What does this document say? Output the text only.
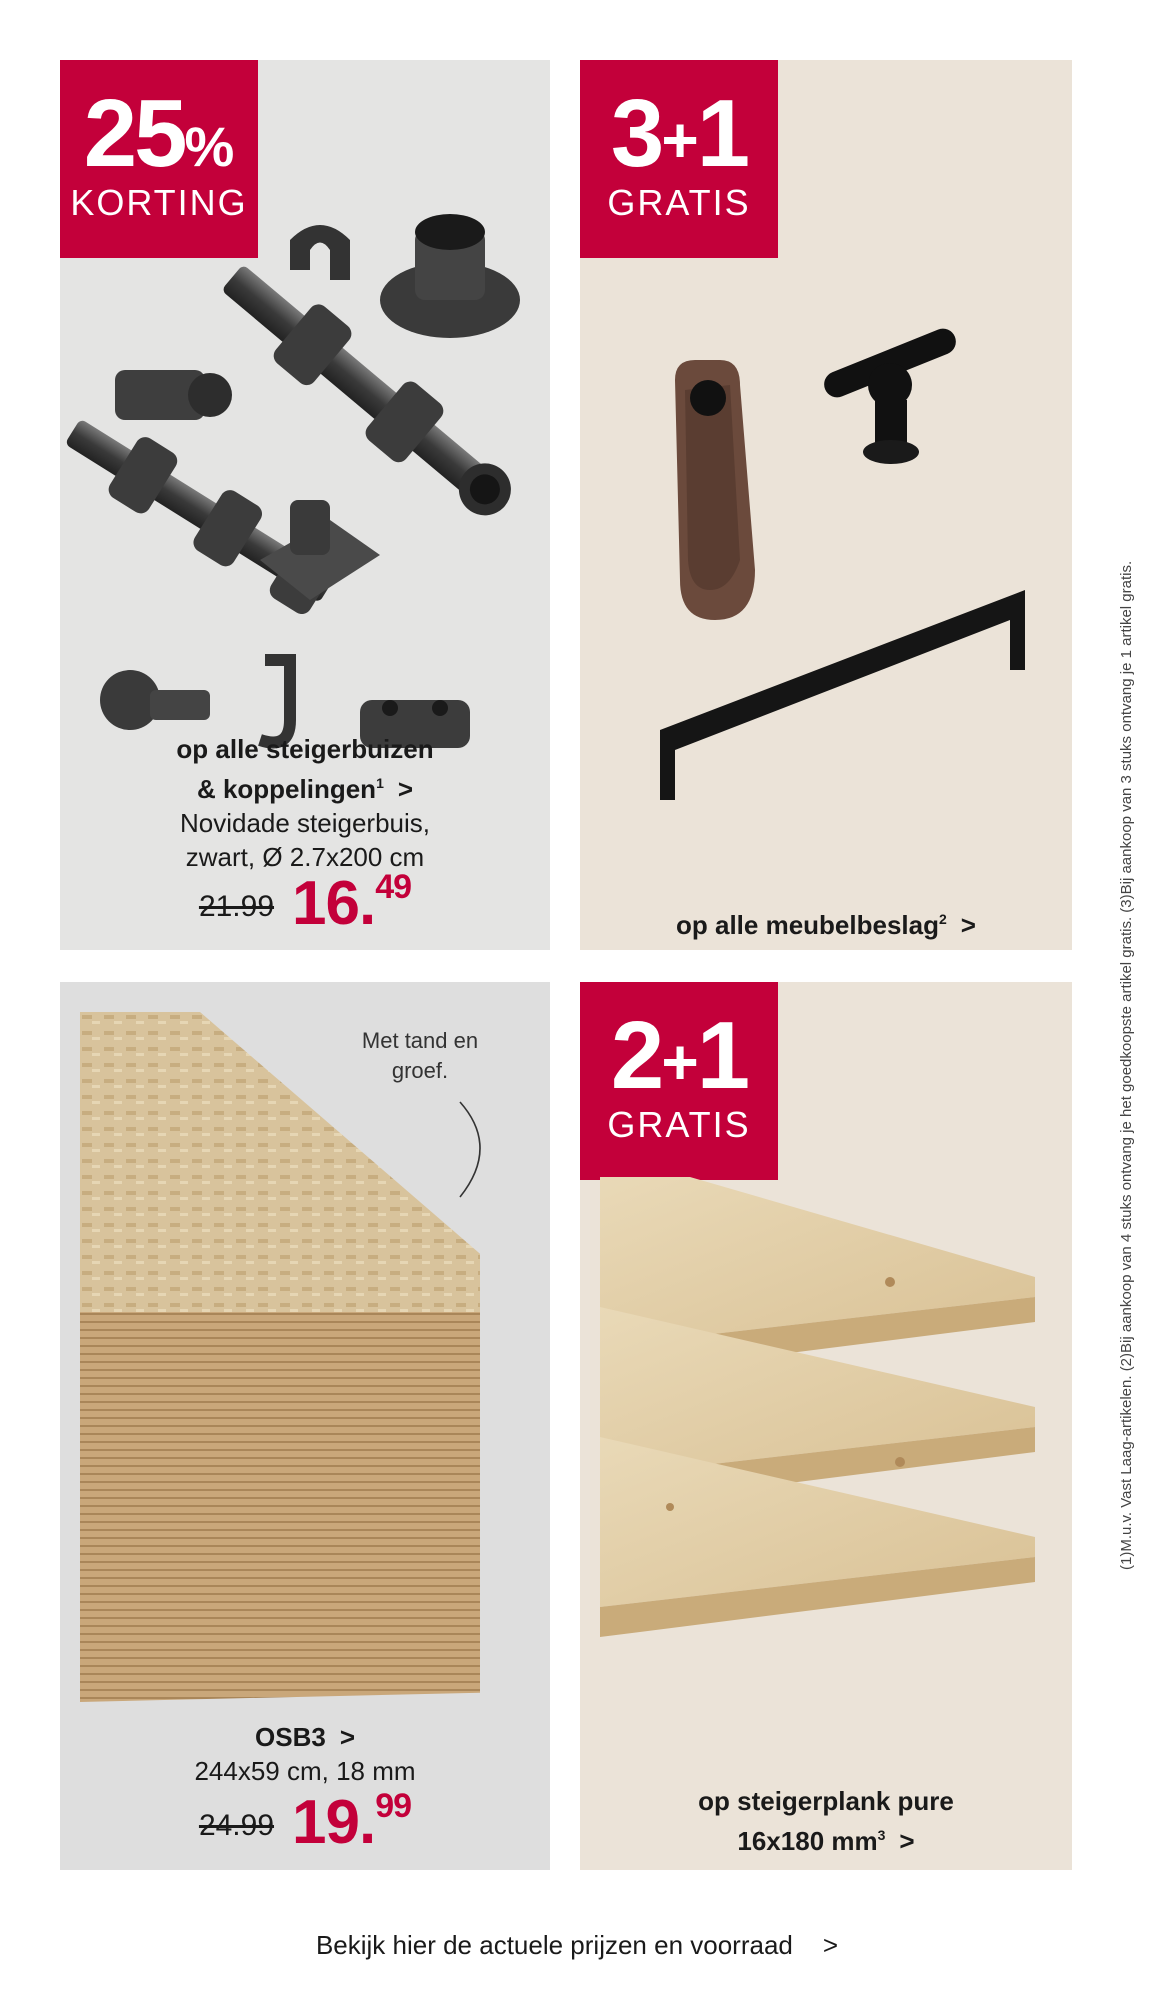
25%
KORTING
op alle steigerbuizen
& koppelingen$^1$ >
Novidade steigerbuis,
zwart, Ø 2.7x200 cm
21.99 16.49
3+1
GRATIS
op alle meubelbeslag$^2$ >
Met tand en
groef.
OSB3 >
244x59 cm, 18 mm
24.99 19.99
2+1
GRATIS
op steigerplank pure
16x180 $mm^3$ >
(1)M.u.v. Vast Laag-artikelen. (2)Bij aankoop van 4 stuks ontvang je het goedkoopste artikel gratis. (3)Bij aankoop van 3 stuks ontvang je 1 artikel gratis.
Bekijk hier de actuele prijzen en voorraad >
